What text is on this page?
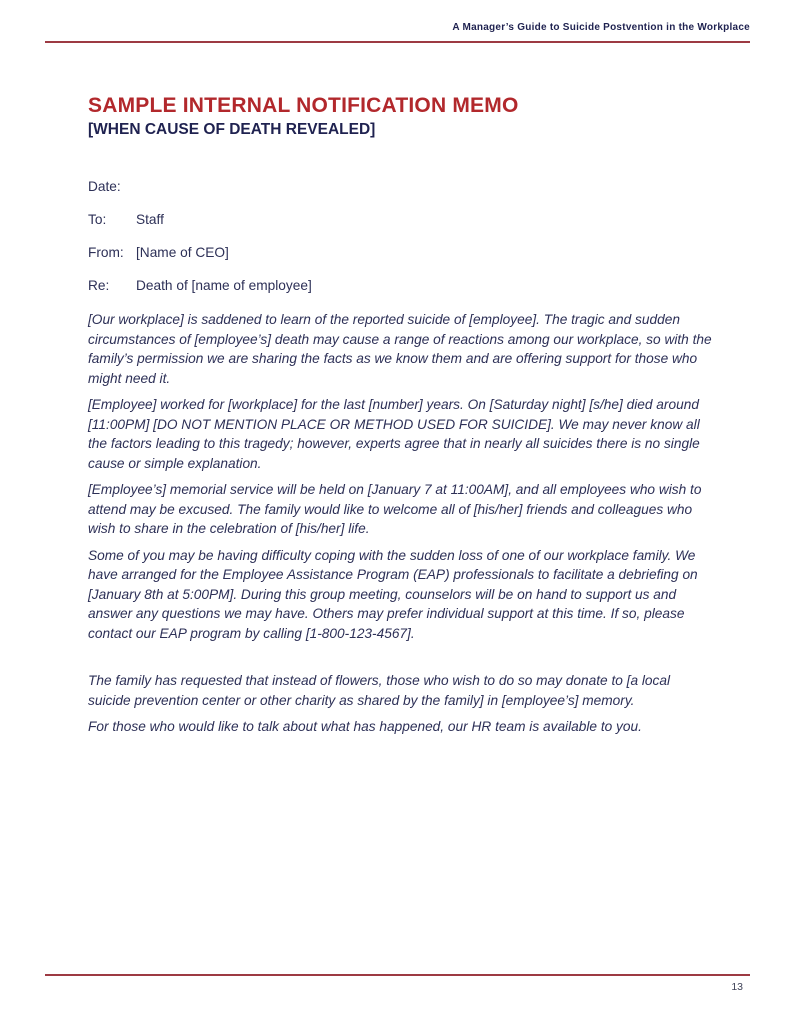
A Manager’s Guide to Suicide Postvention in the Workplace
SAMPLE INTERNAL NOTIFICATION MEMO
[WHEN CAUSE OF DEATH REVEALED]
Date:
To: Staff
From: [Name of CEO]
Re: Death of [name of employee]

[Our workplace] is saddened to learn of the reported suicide of [employee]. The tragic and sudden circumstances of [employee’s] death may cause a range of reactions among our workplace, so with the family’s permission we are sharing the facts as we know them and are offering support for those who might need it.

[Employee] worked for [workplace] for the last [number] years. On [Saturday night] [s/he] died around [11:00PM] [DO NOT MENTION PLACE OR METHOD USED FOR SUICIDE]. We may never know all the factors leading to this tragedy; however, experts agree that in nearly all suicides there is no single cause or simple explanation.

[Employee’s] memorial service will be held on [January 7 at 11:00AM], and all employees who wish to attend may be excused. The family would like to welcome all of [his/her] friends and colleagues who wish to share in the celebration of [his/her] life.

Some of you may be having difficulty coping with the sudden loss of one of our workplace family. We have arranged for the Employee Assistance Program (EAP) professionals to facilitate a debriefing on [January 8th at 5:00PM]. During this group meeting, counselors will be on hand to support us and answer any questions we may have. Others may prefer individual support at this time. If so, please contact our EAP program by calling [1-800-123-4567].

The family has requested that instead of flowers, those who wish to do so may donate to [a local suicide prevention center or other charity as shared by the family] in [employee’s] memory.

For those who would like to talk about what has happened, our HR team is available to you.

13
